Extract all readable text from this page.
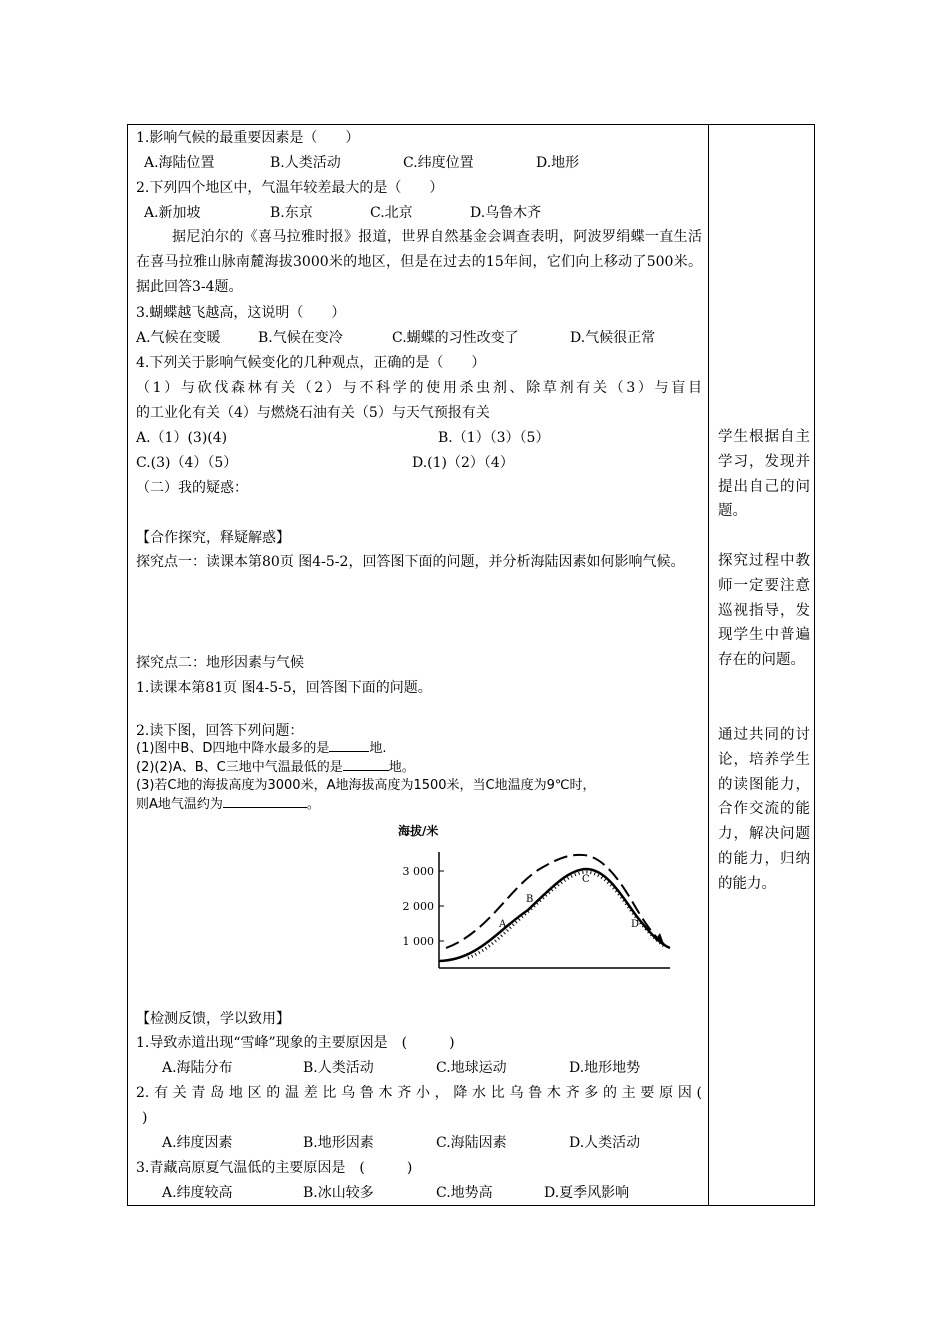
1.影响气候的最重要因素是（　　）
A.海陆位置	B.人类活动	C.纬度位置	D.地形
2.下列四个地区中，气温年较差最大的是（　　）
A.新加坡	B.东京	C.北京	D.乌鲁木齐
据尼泊尔的《喜马拉雅时报》报道，世界自然基金会调查表明，阿波罗绢蝶一直生活在喜马拉雅山脉南麓海拔3000米的地区，但是在过去的15年间，它们向上移动了500米。据此回答3-4题。
3.蝴蝶越飞越高，这说明（　　）
A.气候在变暖	B.气候在变冷	C.蝴蝶的习性改变了	D.气候很正常
4.下列关于影响气候变化的几种观点，正确的是（　　）
（1）与砍伐森林有关（2）与不科学的使用杀虫剂、除草剂有关（3）与盲目
的工业化有关（4）与燃烧石油有关（5）与天气预报有关
A.（1）(3)(4)	B.（1）（3）（5）
C.(3)（4）（5）	D.(1)（2）（4）
（二）我的疑惑：
【合作探究，释疑解惑】
探究点一：读课本第80页 图4-5-2，回答图下面的问题，并分析海陆因素如何影响气候。
探究点二：地形因素与气候
1.读课本第81页 图4-5-5，回答图下面的问题。
2.读下图，回答下列问题：
(1)图中B、D四地中降水最多的是	地.
(2)(2)A、B、C三地中气温最低的是	地。
(3)若C地的海拔高度为3000米，A地海拔高度为1500米，当C地温度为9℃时，
则A地气温约为	。
海拔/米
3 000
2 000
1 000
A
B
C
D
【检测反馈，学以致用】
1.导致赤道出现“雪峰”现象的主要原因是　(　　　)
A.海陆分布	B.人类活动	C.地球运动	D.地形地势
2.有关青岛地区的温差比乌鲁木齐小，降水比乌鲁木齐多的主要原因(
)
A.纬度因素	B.地形因素	C.海陆因素	D.人类活动
3.青藏高原夏气温低的主要原因是　(　　　)
A.纬度较高	B.冰山较多	C.地势高	D.夏季风影响
学生根据自主学习，发现并提出自己的问题。
探究过程中教师一定要注意巡视指导，发现学生中普遍存在的问题。
通过共同的讨论，培养学生的读图能力，合作交流的能力，解决问题的能力，归纳的能力。
